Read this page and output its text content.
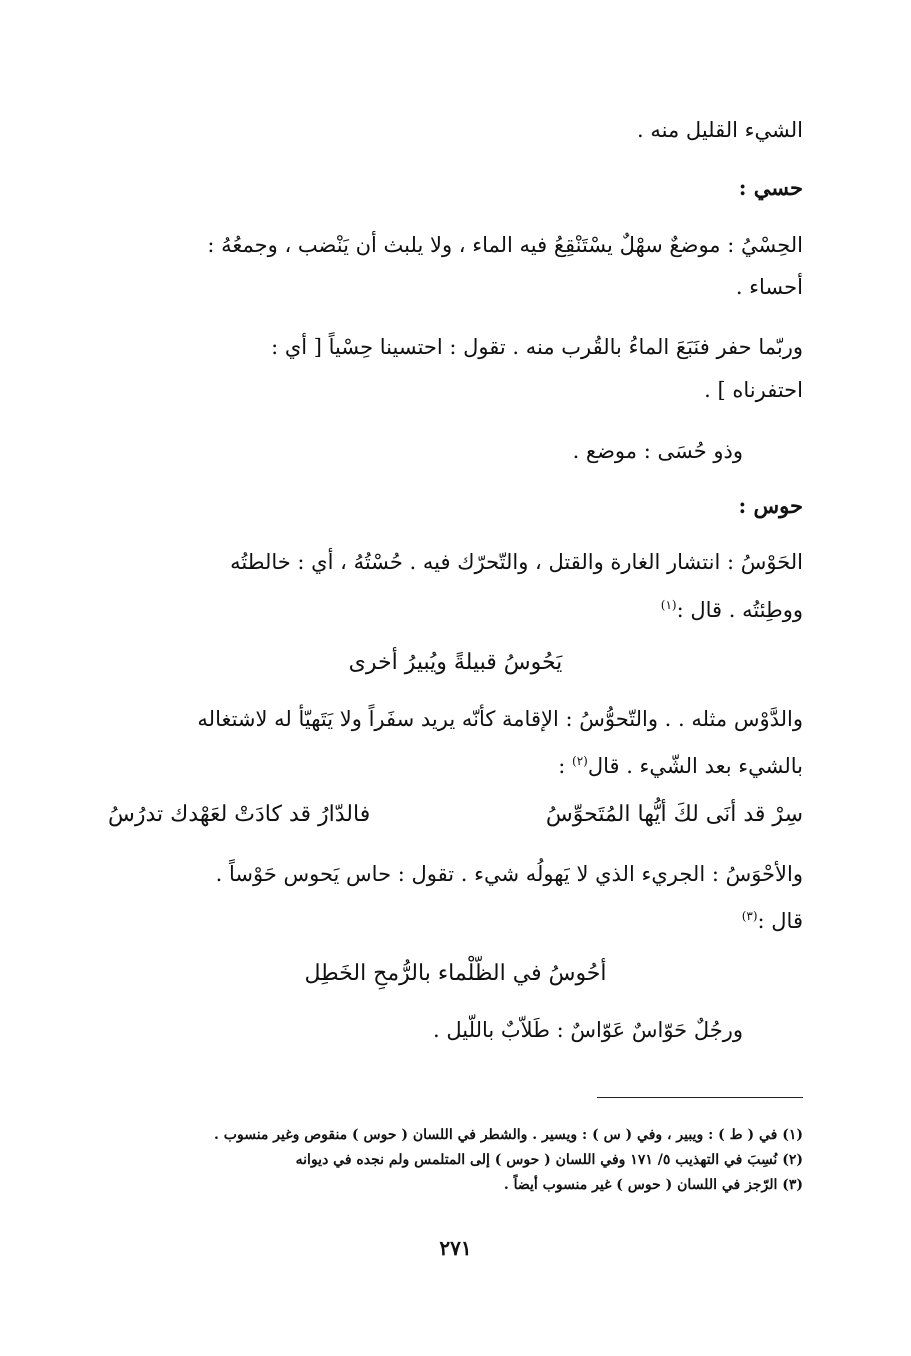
الشيء القليل منه .
حسي :
الحِسْيُ : موضعٌ سهْلٌ يسْتَنْقِعُ فيه الماء ، ولا يلبث أن يَنْضب ، وجمعُهُ :
أحساء .
وربّما حفر فنَبَعَ الماءُ بالقُرب منه . تقول : احتسينا حِسْياً [ أي :
احتفرناه ] .
وذو حُسَى : موضع .
حوس :
الحَوْسُ : انتشار الغارة والقتل ، والتّحرّك فيه . حُسْتُهُ ، أي : خالطتُه
ووطِئتُه . قال :$^{(١)}$
يَحُوسُ قبيلةً ويُبيرُ أخرى
والدَّوْس مثله . . والتّحوُّسُ : الإقامة كأنّه يريد سفَراً ولا يَتَهيّأ له لاشتغاله
بالشيء بعد الشّيء . قال$^{(٢)}$ :
سِرْ قد أنَى لكَ أيُّها المُتَحوِّسُ
فالدّارُ قد كادَتْ لعَهْدك تدرُسُ
والأحْوَسُ : الجريء الذي لا يَهولُه شيء . تقول : حاس يَحوس حَوْساً .
قال :$^{(٣)}$
أحُوسُ في الظّلْماء بالرُّمحِ الخَطِل
ورجُلٌ حَوّاسٌ عَوّاسٌ : طَلاّبٌ باللّيل .
(١) في ( ط ) : ويبير ، وفي ( س ) : ويسير . والشطر في اللسان ( حوس ) منقوص وغير منسوب .
(٢) نُسِبَ في التهذيب ٥/ ١٧١ وفي اللسان ( حوس ) إلى المتلمس ولم نجده في ديوانه
(٣) الرّجز في اللسان ( حوس ) غير منسوب أيضاً .
٢٧١
